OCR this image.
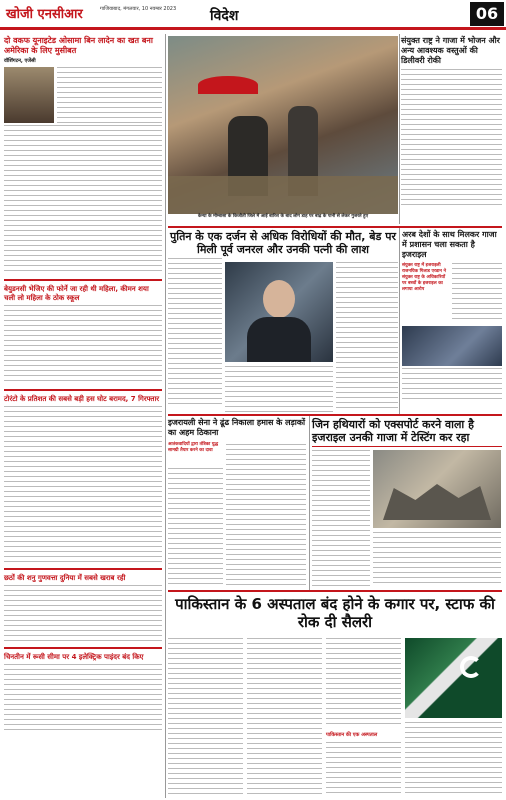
खोजी एनसीआर	गाजियाबाद, मंगलवार, 10 नवम्बर 2023 विदेश	06
दो वकफ यूनाइटेड ओसामा बिन लादेन का खत बना अमेरिका के लिए मुसीबत
वॉशिंगटन, एजेंसी
बेयुडनसी भेजिए की फोर्ने जा रही थी महिला, कीमन शया चली लो महिला के ठोक स्कूल
टोरंटो के प्रतिशत की सबसे बड़ी हस घोट बरामद, 7 गिरफ्तार
छठों की शनु गुणवत्ता दुनिया में सबसे खराब रही
चिनतीन में रूसी सीमा पर 4 इलेक्ट्रिक पाइंदर बंद किए
केन्या के मोम्बासा के किजौती जिले में आई बारिश के बाद लोग डाह पर बाढ़ के पानी से लेकर गुजरते हुए
संयुक्त राष्ट्र ने गाजा में भोजन और अन्य आवश्यक वस्तुओं की डिलीवरी रोकी
पुतिन के एक दर्जन से अधिक विरोधियों की मौत, बेड पर मिली पूर्व जनरल और उनकी पत्नी की लाश
अरब देशों के साथ मिलकर गाजा में प्रशासन चला सकता है इजराइल
संयुक्त राष्ट्र में इजराइली राजनयिक गिलाड एरडान ने संयुक्त राष्ट्र के अधिकारियों पर बच्चों के इजराइल का लगाया आरोप
इजरायली सेना ने ढूंढ निकाला हमास के लड़ाकों का अहम ठिकाना
आतंकवादियों द्वारा तंत्रिका युद्ध सामग्री तैयार करने का दावा
जिन हथियारों को एक्सपोर्ट करने वाला है इजराइल उनकी गाजा में टेस्टिंग कर रहा
पाकिस्तान के 6 अस्पताल बंद होने के कगार पर, स्टाफ की रोक दी सैलरी
पाकिस्तान की एक अस्पताल
